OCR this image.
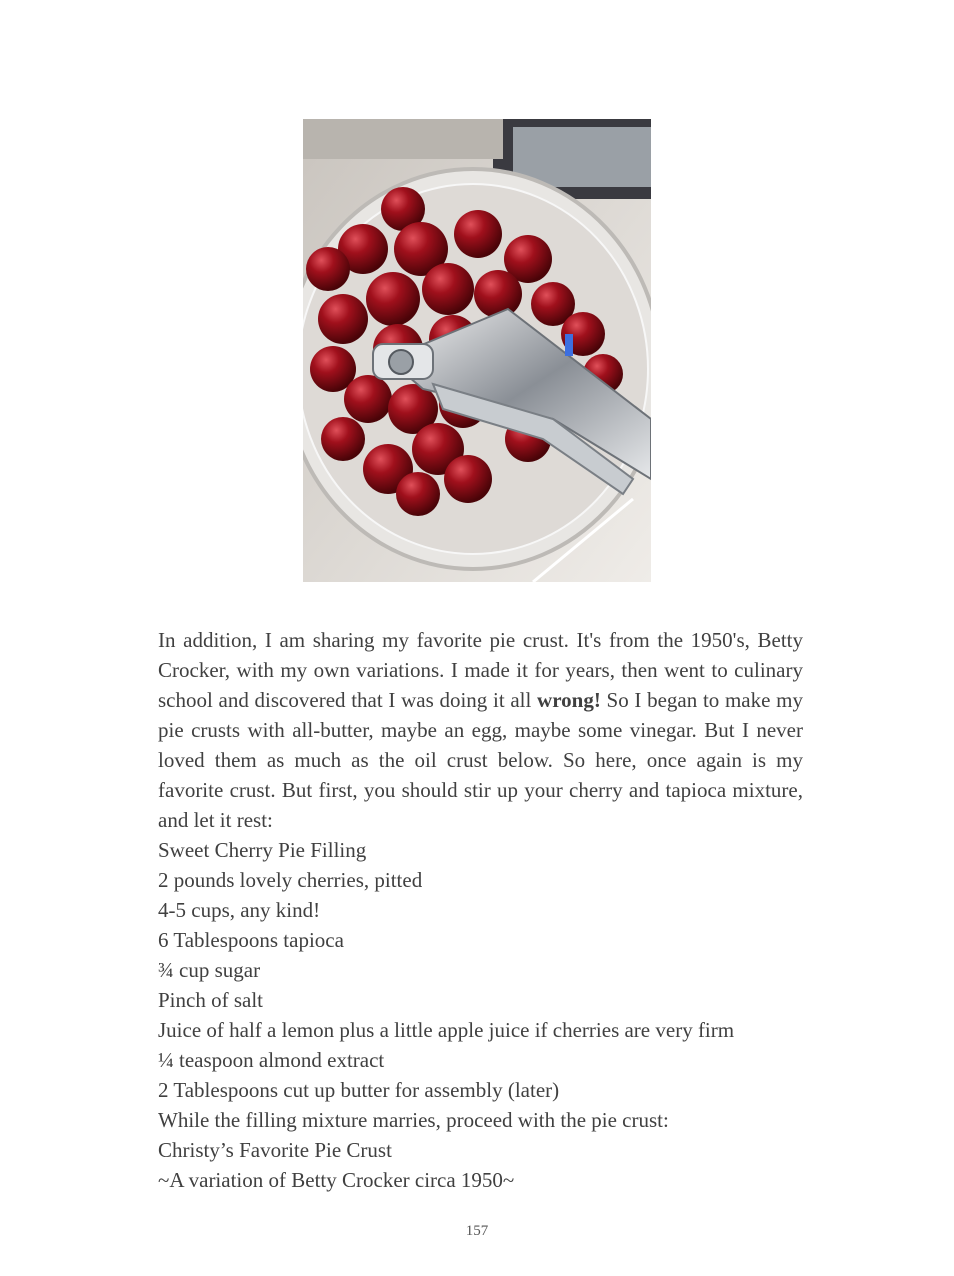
In addition, I am sharing my favorite pie crust. It's from the 1950's, Betty Crocker, with my own variations. I made it for years, then went to culinary school and discovered that I was doing it all wrong! So I began to make my pie crusts with all-butter, maybe an egg, maybe some vinegar. But I never loved them as much as the oil crust below. So here, once again is my favorite crust. But first, you should stir up your cherry and tapioca mixture, and let it rest:

Sweet Cherry Pie Filling

2 pounds lovely cherries, pitted

4-5 cups, any kind!

6 Tablespoons tapioca

¾ cup sugar

Pinch of salt

Juice of half a lemon plus a little apple juice if cherries are very firm

¼ teaspoon almond extract

2 Tablespoons cut up butter for assembly (later)

While the filling mixture marries, proceed with the pie crust:

Christy’s Favorite Pie Crust

~A variation of Betty Crocker circa 1950~

157
